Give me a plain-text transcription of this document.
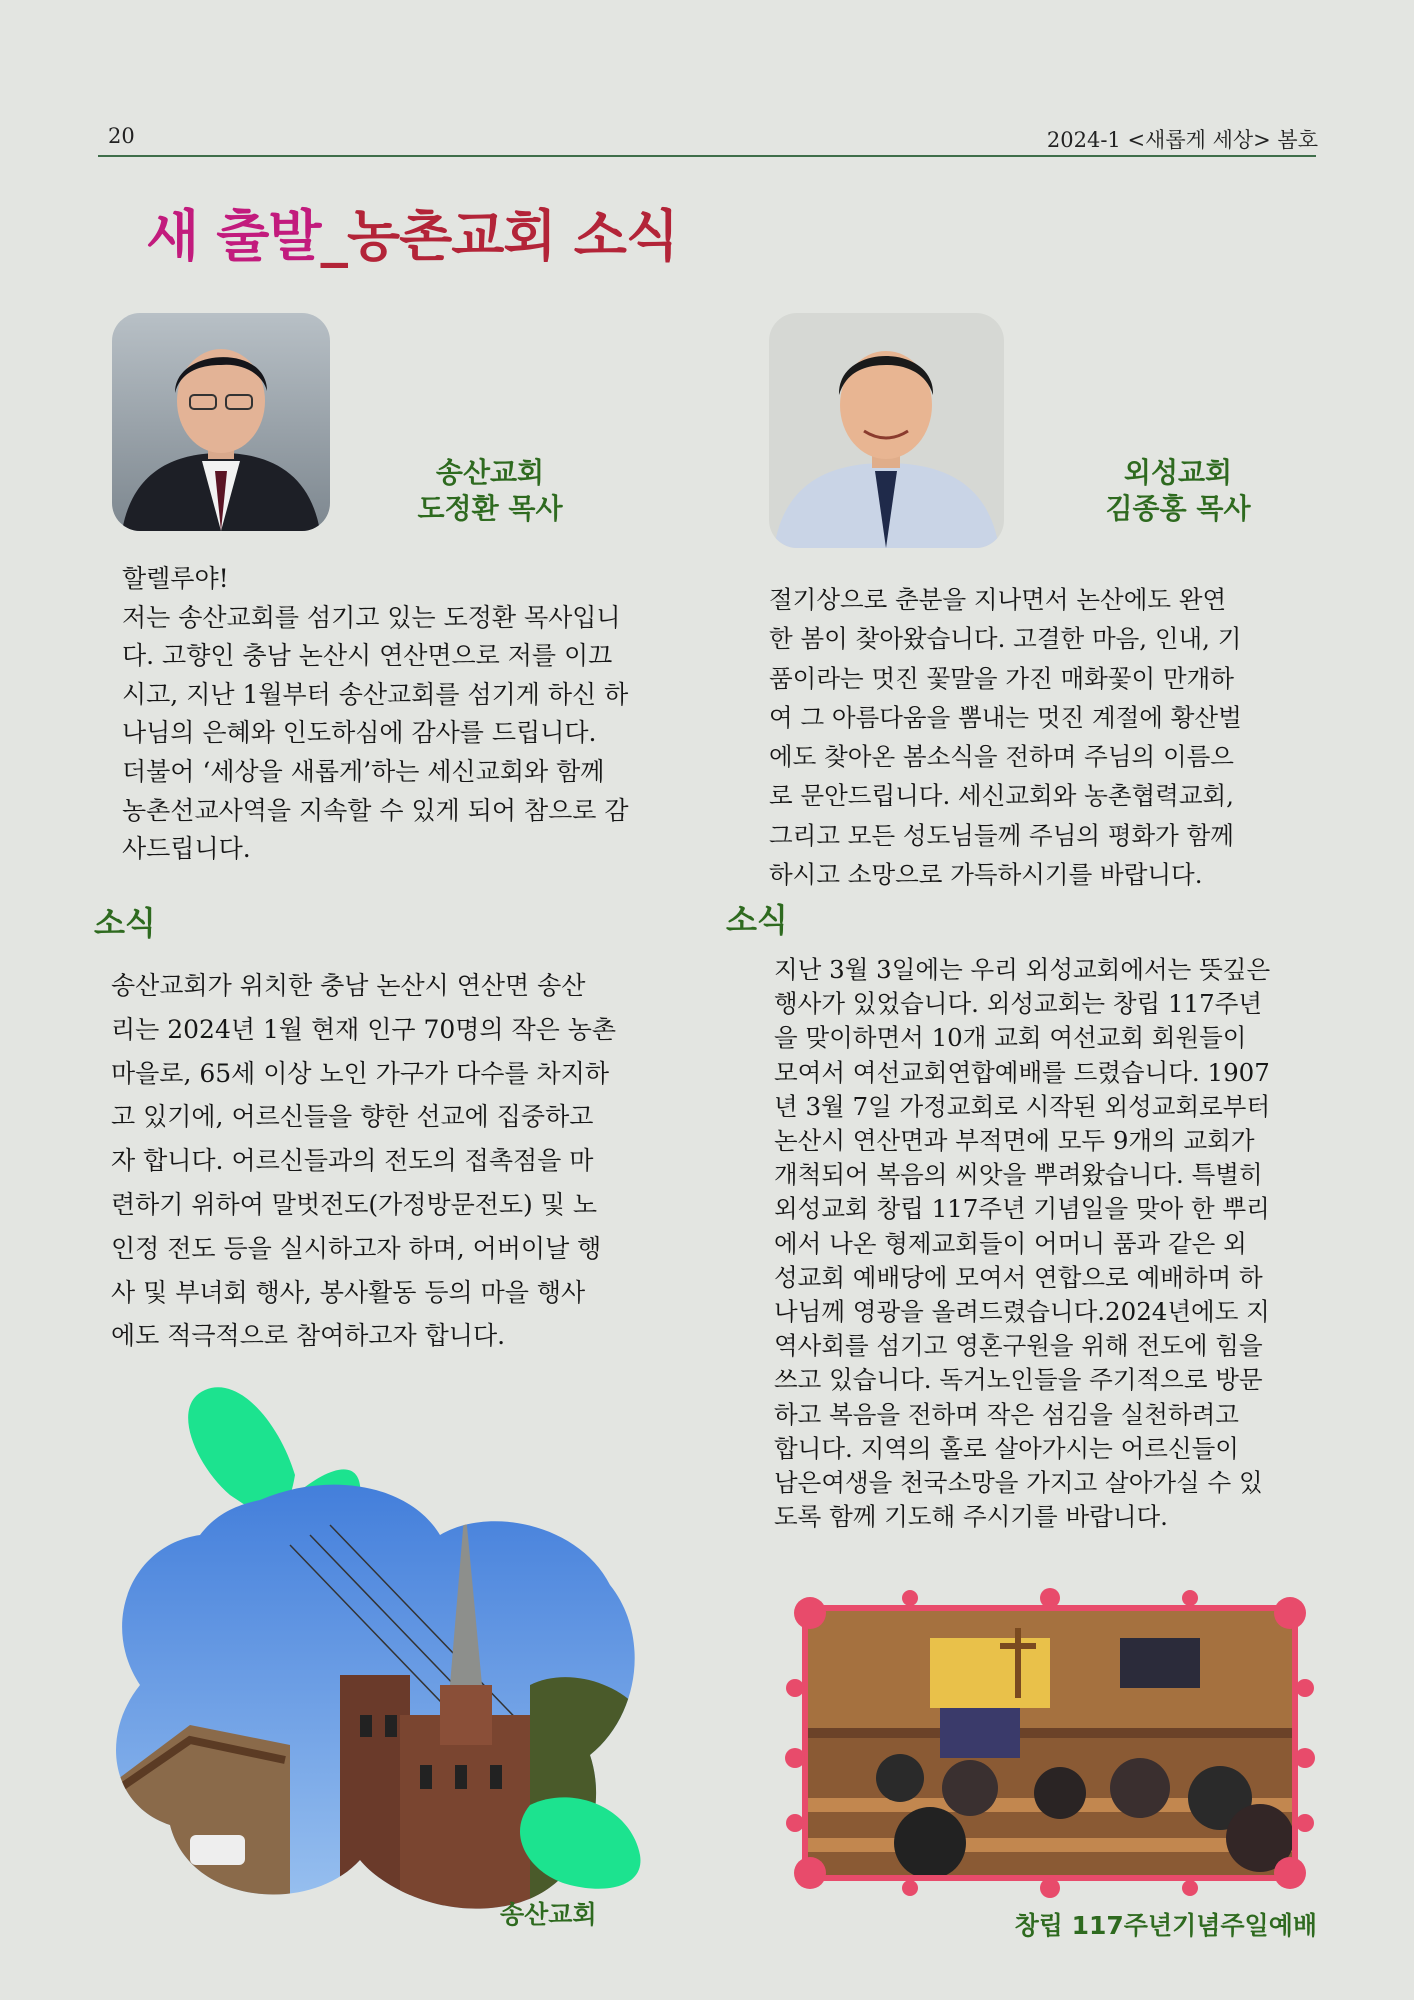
20	2024-1 <새롭게 세상> 봄호
새 출발_농촌교회 소식
송산교회
도정환 목사
외성교회
김종홍 목사
할렐루야!
저는 송산교회를 섬기고 있는 도정환 목사입니
다. 고향인 충남 논산시 연산면으로 저를 이끄
시고, 지난 1월부터 송산교회를 섬기게 하신 하
나님의 은혜와 인도하심에 감사를 드립니다.
더불어 ‘세상을 새롭게’하는 세신교회와 함께
농촌선교사역을 지속할 수 있게 되어 참으로 감
사드립니다.
절기상으로 춘분을 지나면서 논산에도 완연
한 봄이 찾아왔습니다. 고결한 마음, 인내, 기
품이라는 멋진 꽃말을 가진 매화꽃이 만개하
여 그 아름다움을 뽐내는 멋진 계절에 황산벌
에도 찾아온 봄소식을 전하며 주님의 이름으
로 문안드립니다. 세신교회와 농촌협력교회,
그리고 모든 성도님들께 주님의 평화가 함께
하시고 소망으로 가득하시기를 바랍니다.
소식	소식
송산교회가 위치한 충남 논산시 연산면 송산
리는 2024년 1월 현재 인구 70명의 작은 농촌
마을로, 65세 이상 노인 가구가 다수를 차지하
고 있기에, 어르신들을 향한 선교에 집중하고
자 합니다. 어르신들과의 전도의 접촉점을 마
련하기 위하여 말벗전도(가정방문전도) 및 노
인정 전도 등을 실시하고자 하며, 어버이날 행
사 및 부녀회 행사, 봉사활동 등의 마을 행사
에도 적극적으로 참여하고자 합니다.
지난 3월 3일에는 우리 외성교회에서는 뜻깊은
행사가 있었습니다. 외성교회는 창립 117주년
을 맞이하면서 10개 교회 여선교회 회원들이
모여서 여선교회연합예배를 드렸습니다. 1907
년 3월 7일 가정교회로 시작된 외성교회로부터
논산시 연산면과 부적면에 모두 9개의 교회가
개척되어 복음의 씨앗을 뿌려왔습니다. 특별히
외성교회 창립 117주년 기념일을 맞아 한 뿌리
에서 나온 형제교회들이 어머니 품과 같은 외
성교회 예배당에 모여서 연합으로 예배하며 하
나님께 영광을 올려드렸습니다.2024년에도 지
역사회를 섬기고 영혼구원을 위해 전도에 힘을
쓰고 있습니다. 독거노인들을 주기적으로 방문
하고 복음을 전하며 작은 섬김을 실천하려고
합니다. 지역의 홀로 살아가시는 어르신들이
남은여생을 천국소망을 가지고 살아가실 수 있
도록 함께 기도해 주시기를 바랍니다.
송산교회	창립 117주년기념주일예배
